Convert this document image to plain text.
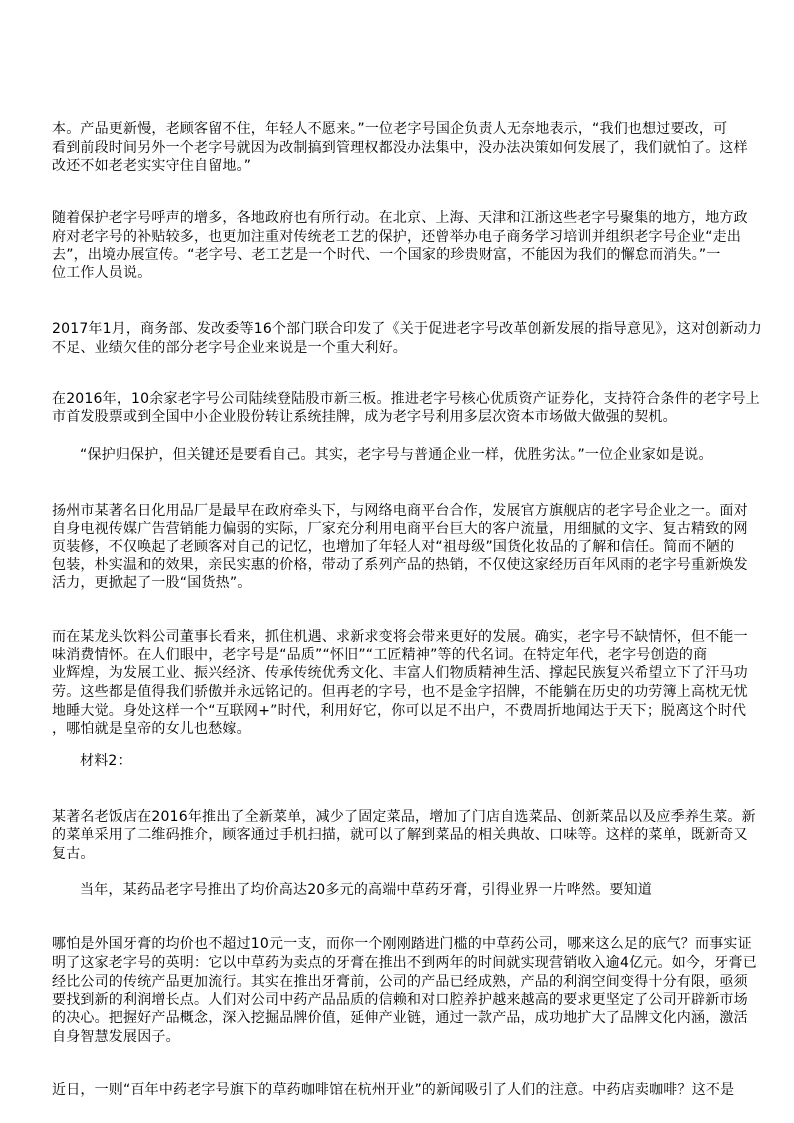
本。产品更新慢，老顾客留不住，年轻人不愿来。”一位老字号国企负责人无奈地表示，“我们也想过要改，可
看到前段时间另外一个老字号就因为改制搞到管理权都没办法集中，没办法决策如何发展了，我们就怕了。这样
改还不如老老实实守住自留地。”
随着保护老字号呼声的增多，各地政府也有所行动。在北京、上海、天津和江浙这些老字号聚集的地方，地方政
府对老字号的补贴较多，也更加注重对传统老工艺的保护，还曾举办电子商务学习培训并组织老字号企业“走出
去”，出境办展宣传。“老字号、老工艺是一个时代、一个国家的珍贵财富，不能因为我们的懈怠而消失。”一
位工作人员说。
2017年1月，商务部、发改委等16个部门联合印发了《关于促进老字号改革创新发展的指导意见》，这对创新动力
不足、业绩欠佳的部分老字号企业来说是一个重大利好。
在2016年，10余家老字号公司陆续登陆股市新三板。推进老字号核心优质资产证券化，支持符合条件的老字号上
市首发股票或到全国中小企业股份转让系统挂牌，成为老字号利用多层次资本市场做大做强的契机。
“保护归保护，但关键还是要看自己。其实，老字号与普通企业一样，优胜劣汰。”一位企业家如是说。
扬州市某著名日化用品厂是最早在政府牵头下，与网络电商平台合作，发展官方旗舰店的老字号企业之一。面对
自身电视传媒广告营销能力偏弱的实际，厂家充分利用电商平台巨大的客户流量，用细腻的文字、复古精致的网
页装修，不仅唤起了老顾客对自己的记忆，也增加了年轻人对“祖母级”国货化妆品的了解和信任。简而不陋的
包装，朴实温和的效果，亲民实惠的价格，带动了系列产品的热销，不仅使这家经历百年风雨的老字号重新焕发
活力，更掀起了一股“国货热”。
而在某龙头饮料公司董事长看来，抓住机遇、求新求变将会带来更好的发展。确实，老字号不缺情怀，但不能一
味消费情怀。在人们眼中，老字号是“品质”“怀旧”“工匠精神”等的代名词。在特定年代，老字号创造的商
业辉煌，为发展工业、振兴经济、传承传统优秀文化、丰富人们物质精神生活、撑起民族复兴希望立下了汗马功
劳。这些都是值得我们骄傲并永远铭记的。但再老的字号，也不是金字招牌，不能躺在历史的功劳簿上高枕无忧
地睡大觉。身处这样一个“互联网+”时代，利用好它，你可以足不出户，不费周折地闻达于天下；脱离这个时代
，哪怕就是皇帝的女儿也愁嫁。
材料2：
某著名老饭店在2016年推出了全新菜单，减少了固定菜品，增加了门店自选菜品、创新菜品以及应季养生菜。新
的菜单采用了二维码推介，顾客通过手机扫描，就可以了解到菜品的相关典故、口味等。这样的菜单，既新奇又
复古。
当年，某药品老字号推出了均价高达20多元的高端中草药牙膏，引得业界一片哗然。要知道
哪怕是外国牙膏的均价也不超过10元一支，而你一个刚刚踏进门槛的中草药公司，哪来这么足的底气？而事实证
明了这家老字号的英明：它以中草药为卖点的牙膏在推出不到两年的时间就实现营销收入逾4亿元。如今，牙膏已
经比公司的传统产品更加流行。其实在推出牙膏前，公司的产品已经成熟，产品的利润空间变得十分有限，亟须
要找到新的利润增长点。人们对公司中药产品品质的信赖和对口腔养护越来越高的要求更坚定了公司开辟新市场
的决心。把握好产品概念，深入挖掘品牌价值，延伸产业链，通过一款产品，成功地扩大了品牌文化内涵，激活
自身智慧发展因子。
近日，一则“百年中药老字号旗下的草药咖啡馆在杭州开业”的新闻吸引了人们的注意。中药店卖咖啡？这不是
